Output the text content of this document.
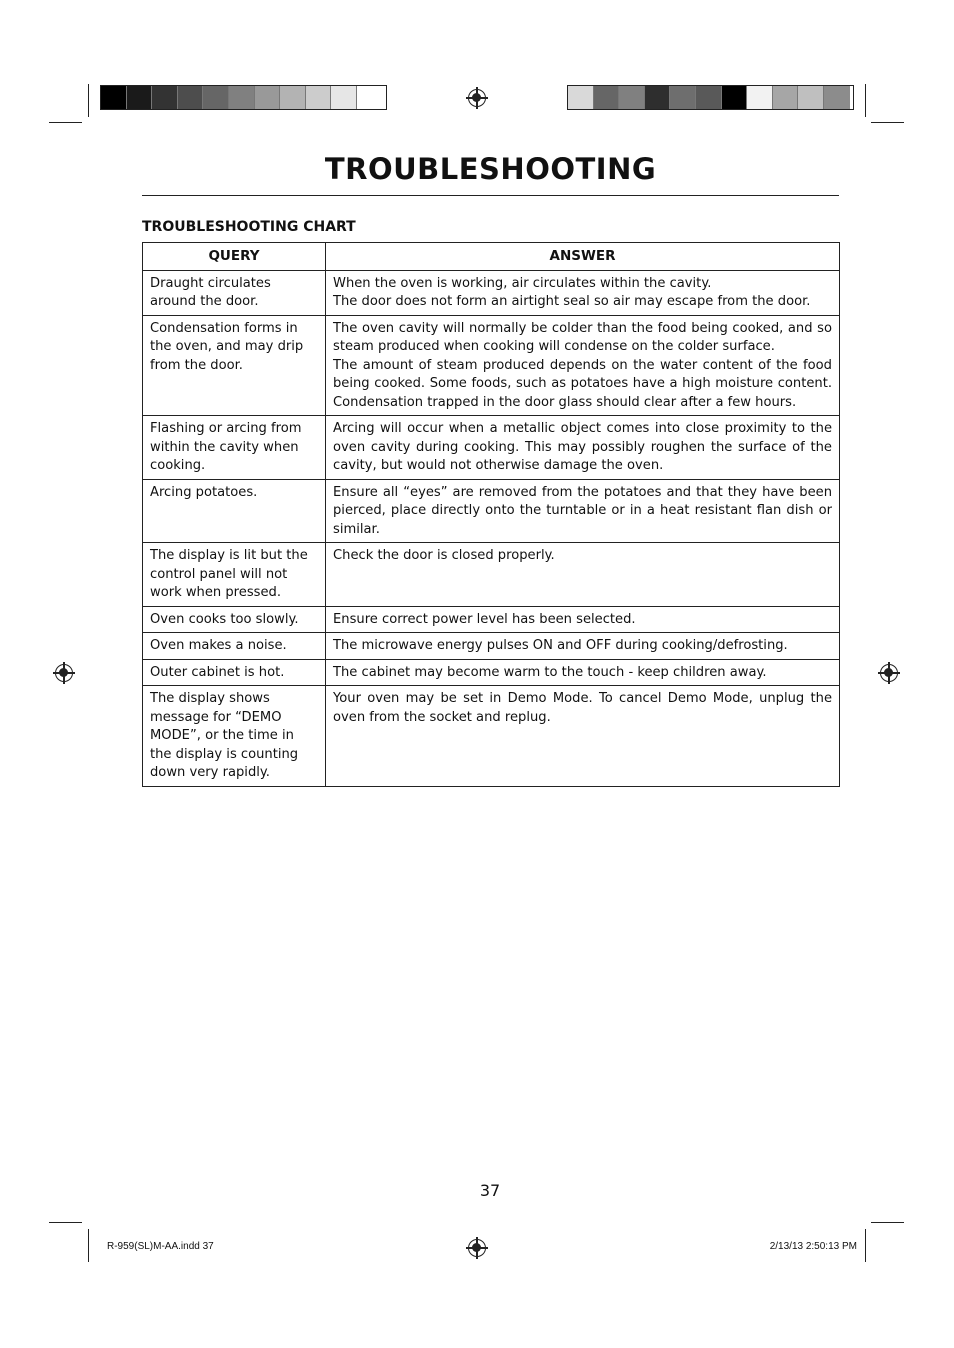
TROUBLESHOOTING
TROUBLESHOOTING CHART
QUERY	ANSWER
Draught circulates around the door.	When the oven is working, air circulates within the cavity.
The door does not form an airtight seal so air may escape from the door.

Condensation forms in the oven, and may drip from the door.	The oven cavity will normally be colder than the food being cooked, and so steam produced when cooking will condense on the colder surface.
The amount of steam produced depends on the water content of the food being cooked. Some foods, such as potatoes have a high moisture content. Condensation trapped in the door glass should clear after a few hours.

Flashing or arcing from within the cavity when cooking.	Arcing will occur when a metallic object comes into close proximity to the oven cavity during cooking. This may possibly roughen the surface of the cavity, but would not otherwise damage the oven.

Arcing potatoes.	Ensure all “eyes” are removed from the potatoes and that they have been pierced, place directly onto the turntable or in a heat resistant flan dish or similar.

The display is lit but the control panel will not work when pressed.	Check the door is closed properly.

Oven cooks too slowly.	Ensure correct power level has been selected.

Oven makes a noise.	The microwave energy pulses ON and OFF during cooking/defrosting.

Outer cabinet is hot.	The cabinet may become warm to the touch - keep children away.

The display shows message for “DEMO MODE”, or the time in the display is counting down very rapidly.	Your oven may be set in Demo Mode. To cancel Demo Mode, unplug the oven from the socket and replug.
37
R-959(SL)M-AA.indd 37	2/13/13 2:50:13 PM
